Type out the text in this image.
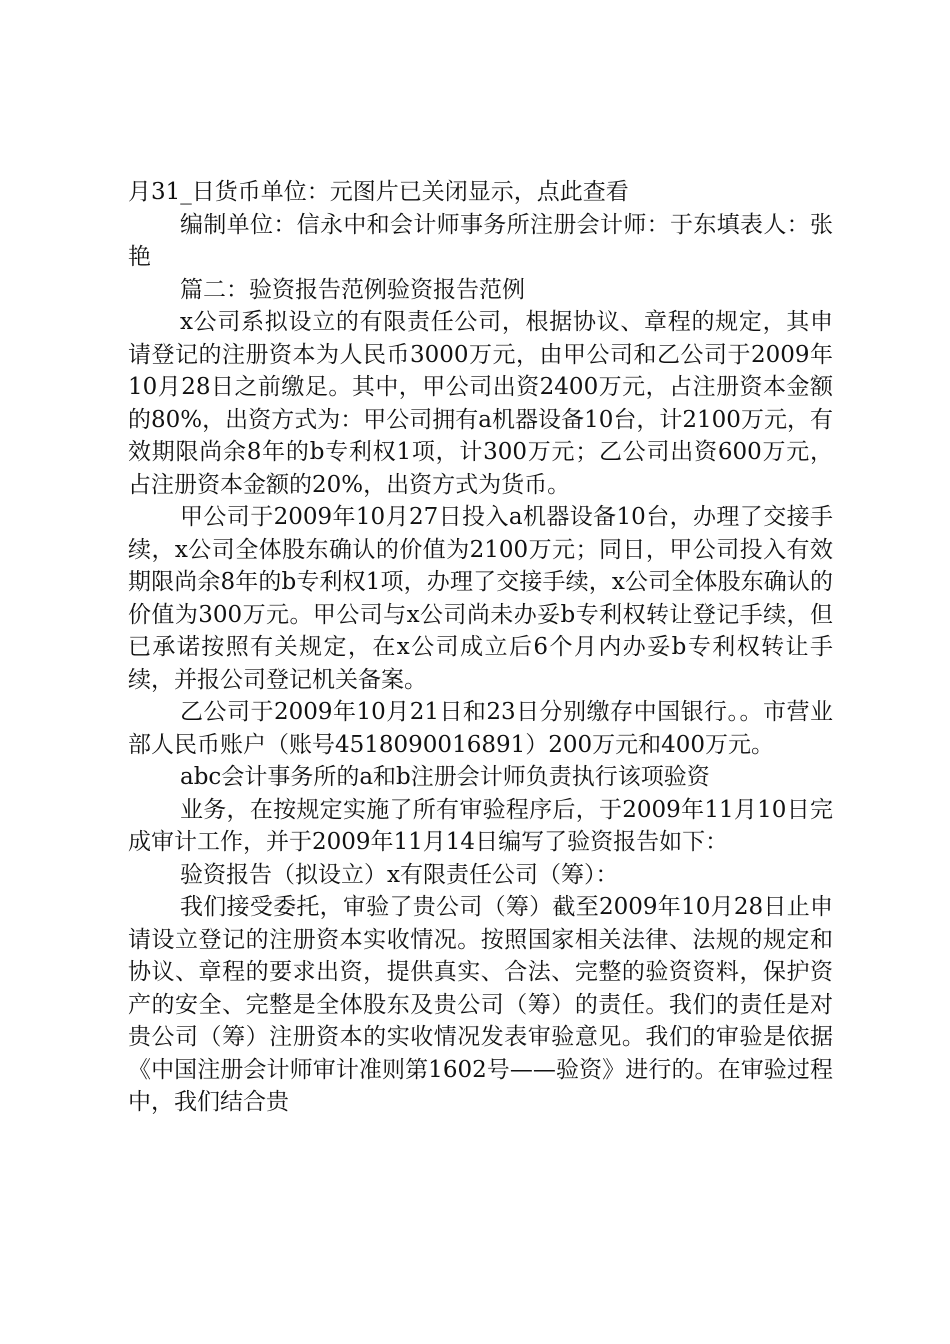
月31_日货币单位：元图片已关闭显示，点此查看

编制单位：信永中和会计师事务所注册会计师：于东填表人：张艳

篇二：验资报告范例验资报告范例

x公司系拟设立的有限责任公司，根据协议、章程的规定，其申请登记的注册资本为人民币3000万元，由甲公司和乙公司于2009年10月28日之前缴足。其中，甲公司出资2400万元，占注册资本金额的80%，出资方式为：甲公司拥有a机器设备10台，计2100万元，有效期限尚余8年的b专利权1项，计300万元；乙公司出资600万元，占注册资本金额的20%，出资方式为货币。

甲公司于2009年10月27日投入a机器设备10台，办理了交接手续，x公司全体股东确认的价值为2100万元；同日，甲公司投入有效期限尚余8年的b专利权1项，办理了交接手续，x公司全体股东确认的价值为300万元。甲公司与x公司尚未办妥b专利权转让登记手续，但已承诺按照有关规定，在x公司成立后6个月内办妥b专利权转让手续，并报公司登记机关备案。

乙公司于2009年10月21日和23日分别缴存中国银行。。市营业部人民币账户（账号4518090016891）200万元和400万元。

abc会计事务所的a和b注册会计师负责执行该项验资

业务，在按规定实施了所有审验程序后，于2009年11月10日完成审计工作，并于2009年11月14日编写了验资报告如下：

验资报告（拟设立）x有限责任公司（筹）：

我们接受委托，审验了贵公司（筹）截至2009年10月28日止申请设立登记的注册资本实收情况。按照国家相关法律、法规的规定和协议、章程的要求出资，提供真实、合法、完整的验资资料，保护资产的安全、完整是全体股东及贵公司（筹）的责任。我们的责任是对贵公司（筹）注册资本的实收情况发表审验意见。我们的审验是依据《中国注册会计师审计准则第1602号——验资》进行的。在审验过程中，我们结合贵
